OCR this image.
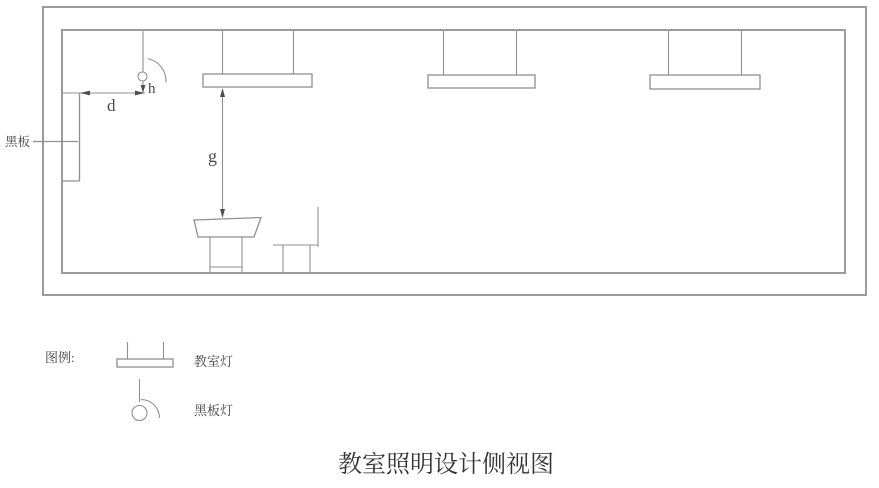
黑板
d
h
g
图例:	教室灯
黑板灯
教室照明设计侧视图
